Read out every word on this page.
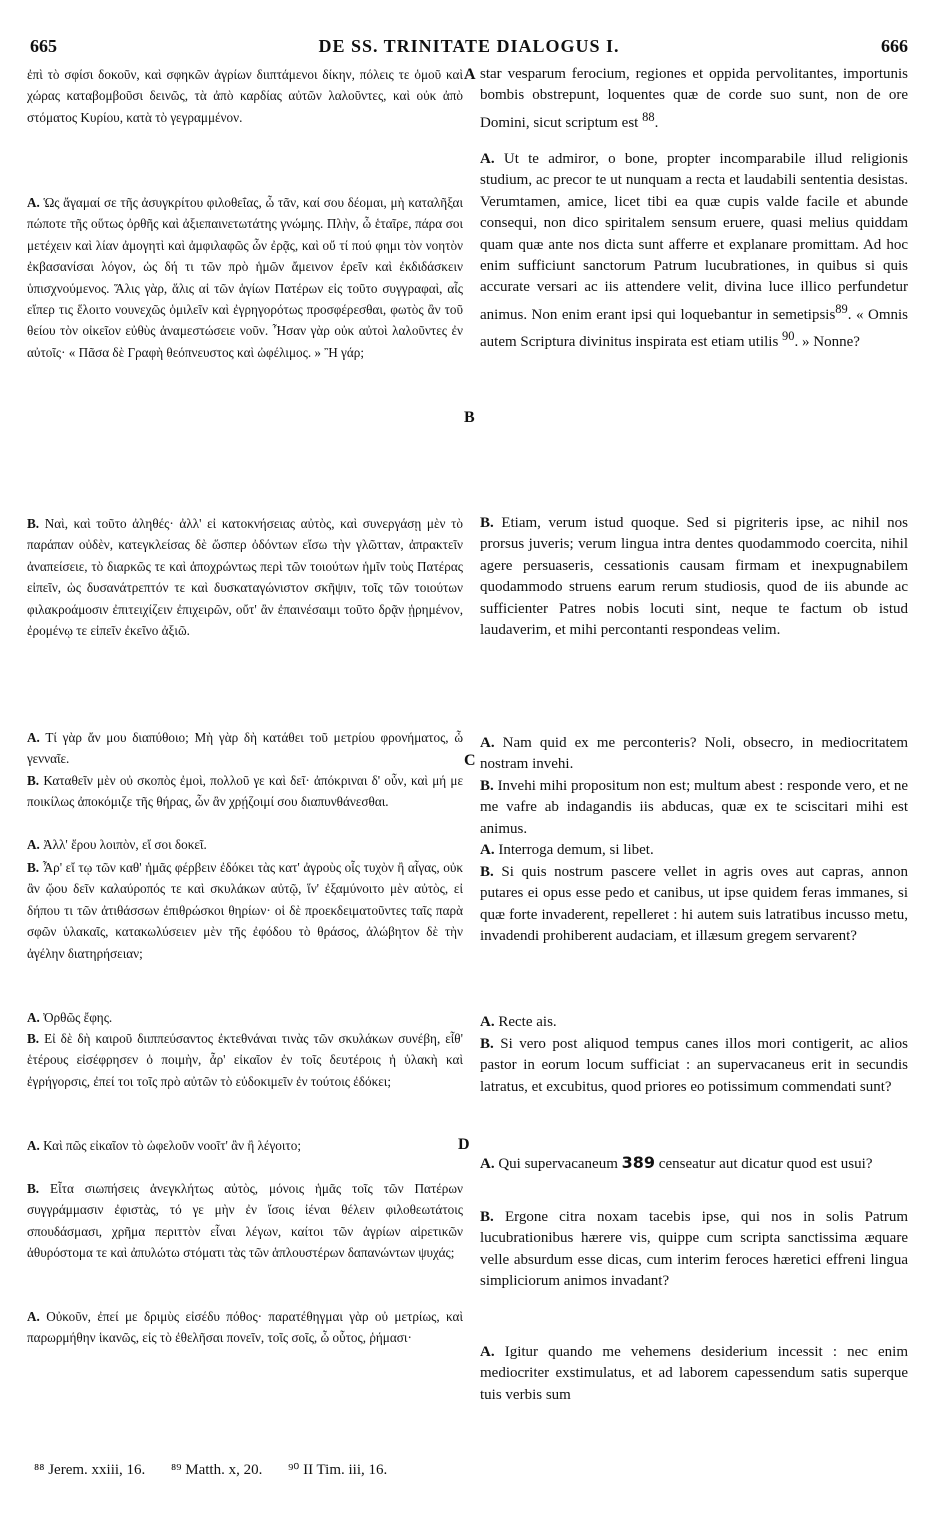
665	DE SS. TRINITATE DIALOGUS I.	666

ἐπὶ τὸ σφίσι δοκοῦν, καὶ σφηκῶν ἀγρίων διιπτάμενοι δίκην, πόλεις τε ὁμοῦ καὶ χώρας καταβομβοῦσι δεινῶς, τὰ ἀπὸ καρδίας αὐτῶν λαλοῦντες, καὶ οὐκ ἀπὸ στόματος Κυρίου, κατὰ τὸ γεγραμμένον.

Α. Ὡς ἄγαμαί σε τῆς ἀσυγκρίτου φιλοθεΐας, ὦ τᾶν, καί σου δέομαι, μὴ καταλῆξαι πώποτε τῆς οὕτως ὀρθῆς καὶ ἀξιεπαινετωτάτης γνώμης. Πλὴν, ὦ ἑταῖρε, πάρα σοι μετέχειν καὶ λίαν ἀμογητὶ καὶ ἀμφιλαφῶς ὧν ἐρᾷς, καὶ οὔ τί πού φημι τὸν νοητὸν ἐκβασανίσαι λόγον, ὡς δή τι τῶν πρὸ ἡμῶν ἄμεινον ἐρεῖν καὶ ἐκδιδάσκειν ὑπισχνούμενος. Ἅλις γὰρ, ἅλις αἱ τῶν ἁγίων Πατέρων εἰς τοῦτο συγγραφαὶ, αἷς εἴπερ τις ἕλοιτο νουνεχῶς ὁμιλεῖν καὶ ἐγρηγορότως προσφέρεσθαι, φωτὸς ἂν τοῦ θείου τὸν οἰκεῖον εὐθὺς ἀναμεστώσειε νοῦν. Ἦσαν γὰρ οὐκ αὐτοὶ λαλοῦντες ἐν αὐτοῖς· « Πᾶσα δὲ Γραφὴ θεόπνευστος καὶ ὠφέλιμος. » Ἢ γάρ;

Β. Ναὶ, καὶ τοῦτο ἀληθές· ἀλλ' εἰ κατοκνήσειας αὐτὸς, καὶ συνεργάσῃ μὲν τὸ παράπαν οὐδὲν, κατεγκλείσας δὲ ὥσπερ ὀδόντων εἴσω τὴν γλῶτταν, ἀπρακτεῖν ἀναπείσειε, τὸ διαρκῶς τε καὶ ἀποχρώντως περὶ τῶν τοιούτων ἡμῖν τοὺς Πατέρας εἰπεῖν, ὡς δυσανάτρεπτόν τε καὶ δυσκαταγώνιστον σκῆψιν, τοῖς τῶν τοιούτων φιλακροάμοσιν ἐπιτειχίζειν ἐπιχειρῶν, οὔτ' ἂν ἐπαινέσαιμι τοῦτο δρᾷν ᾑρημένον, ἐρομένῳ τε εἰπεῖν ἐκεῖνο ἀξιῶ.

Α. Τί γὰρ ἄν μου διαπύθοιο; Μὴ γὰρ δὴ κατάθει τοῦ μετρίου φρονήματος, ὦ γενναῖε.

Β. Καταθεῖν μὲν οὐ σκοπὸς ἐμοὶ, πολλοῦ γε καὶ δεῖ· ἀπόκριναι δ' οὖν, καὶ μή με ποικίλως ἀποκόμιζε τῆς θήρας, ὧν ἂν χρῄζοιμί σου διαπυνθάνεσθαι.

Α. Ἀλλ' ἔρου λοιπὸν, εἴ σοι δοκεῖ.

Β. Ἆρ' εἴ τῳ τῶν καθ' ἡμᾶς φέρβειν ἐδόκει τὰς κατ' ἀγροὺς οἷς τυχὸν ἢ αἶγας, οὐκ ἂν ᾤου δεῖν καλαύροπός τε καὶ σκυλάκων αὐτῷ, ἵν' ἐξαμύνοιτο μὲν αὐτὸς, εἰ δήπου τι τῶν ἀτιθάσσων ἐπιθρώσκοι θηρίων· οἱ δὲ προεκδειματοῦντες ταῖς παρὰ σφῶν ὑλακαῖς, κατακωλύσειεν μὲν τῆς ἐφόδου τὸ θράσος, ἀλώβητον δὲ τὴν ἀγέλην διατηρήσειαν;

Α. Ὀρθῶς ἔφης.

Β. Εἰ δὲ δὴ καιροῦ διιππεύσαντος ἐκτεθνάναι τινὰς τῶν σκυλάκων συνέβη, εἶθ' ἑτέρους εἰσέφρησεν ὁ ποιμὴν, ἆρ' εἰκαῖον ἐν τοῖς δευτέροις ἡ ὑλακὴ καὶ ἐγρήγορσις, ἐπεί τοι τοῖς πρὸ αὐτῶν τὸ εὐδοκιμεῖν ἐν τούτοις ἐδόκει;

Α. Καὶ πῶς εἰκαῖον τὸ ὠφελοῦν νοοῖτ' ἂν ἢ λέγοιτο;

Β. Εἶτα σιωπήσεις ἀνεγκλήτως αὐτὸς, μόνοις ἡμᾶς τοῖς τῶν Πατέρων συγγράμμασιν ἐφιστὰς, τό γε μὴν ἐν ἴσοις ἰέναι θέλειν φιλοθεωτάτοις σπουδάσμασι, χρῆμα περιττὸν εἶναι λέγων, καίτοι τῶν ἀγρίων αἱρετικῶν ἀθυρόστομα τε καὶ ἀπυλώτω στόματι τὰς τῶν ἁπλουστέρων δαπανώντων ψυχάς;

Α. Οὐκοῦν, ἐπεί με δριμὺς εἰσέδυ πόθος· παρατέθηγμαι γὰρ οὐ μετρίως, καὶ παρωρμήθην ἱκανῶς, εἰς τὸ ἐθελῆσαι πονεῖν, τοῖς σοῖς, ὦ οὗτος, ῥήμασι·

star vesparum ferocium, regiones et oppida pervolitantes, importunis bombis obstrepunt, loquentes quæ de corde suo sunt, non de ore Domini, sicut scriptum est $^{88}$.

A. Ut te admiror, o bone, propter incomparabile illud religionis studium, ac precor te ut nunquam a recta et laudabili sententia desistas. Verumtamen, amice, licet tibi ea quæ cupis valde facile et abunde consequi, non dico spiritalem sensum eruere, quasi melius quiddam quam quæ ante nos dicta sunt afferre et explanare promittam. Ad hoc enim sufficiunt sanctorum Patrum lucubrationes, in quibus si quis accurate versari ac iis attendere velit, divina luce illico perfundetur animus. Non enim erant ipsi qui loquebantur in semetipsis$^{89}$. « Omnis autem Scriptura divinitus inspirata est etiam utilis $^{90}$. » Nonne?

B. Etiam, verum istud quoque. Sed si pigriteris ipse, ac nihil nos prorsus juveris; verum lingua intra dentes quodammodo coercita, nihil agere persuaseris, cessationis causam firmam et inexpugnabilem quodammodo struens earum rerum studiosis, quod de iis abunde ac sufficienter Patres nobis locuti sint, neque te factum ob istud laudaverim, et mihi percontanti respondeas velim.

A. Nam quid ex me perconteris? Noli, obsecro, in mediocritatem nostram invehi.

B. Invehi mihi propositum non est; multum abest : responde vero, et ne me vafre ab indagandis iis abducas, quæ ex te sciscitari mihi est animus.

A. Interroga demum, si libet.

B. Si quis nostrum pascere vellet in agris oves aut capras, annon putares ei opus esse pedo et canibus, ut ipse quidem feras immanes, si quæ forte invaderent, repelleret : hi autem suis latratibus incusso metu, invadendi prohiberent audaciam, et illæsum gregem servarent?

A. Recte ais.

B. Si vero post aliquod tempus canes illos mori contigerit, ac alios pastor in eorum locum sufficiat : an supervacaneus erit in secundis latratus, et excubitus, quod priores eo potissimum commendati sunt?

A. Qui supervacaneum 389 censeatur aut dicatur quod est usui?

B. Ergone citra noxam tacebis ipse, qui nos in solis Patrum lucubrationibus hærere vis, quippe cum scripta sanctissima æquare velle absurdum esse dicas, cum interim feroces hæretici effreni lingua simpliciorum animos invadant?

A. Igitur quando me vehemens desiderium incessit : nec enim mediocriter exstimulatus, et ad laborem capessendum satis superque tuis verbis sum

A
B
C
D
⁸⁸ Jerem. xxiii, 16. ⁸⁹ Matth. x, 20. ⁹⁰ II Tim. iii, 16.
